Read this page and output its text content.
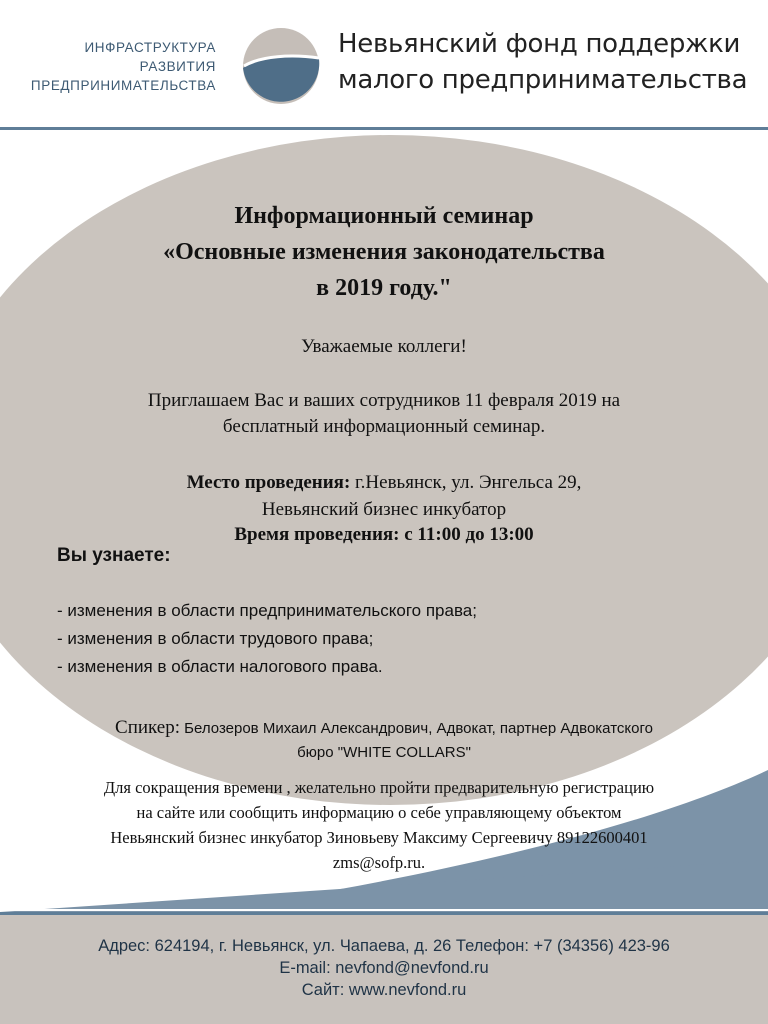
ИНФРАСТРУКТУРА
РАЗВИТИЯ
ПРЕДПРИНИМАТЕЛЬСТВА
Невьянский фонд поддержки
малого предпринимательства
Информационный семинар
«Основные изменения законодательства
в 2019 году."
Уважаемые коллеги!
Приглашаем Вас и ваших сотрудников 11 февраля 2019 на
бесплатный информационный семинар.
Место проведения: г.Невьянск, ул. Энгельса 29,
Невьянский бизнес инкубатор
Время проведения: с 11:00 до 13:00
Вы узнаете:
- изменения в области предпринимательского права;
- изменения в области трудового права;
- изменения в области налогового права.
Спикер: Белозеров Михаил Александрович, Адвокат, партнер Адвокатского
бюро "WHITE COLLARS"
Для сокращения времени , желательно пройти предварительную регистрацию
на сайте или сообщить информацию о себе управляющему объектом
Невьянский бизнес инкубатор Зиновьеву Максиму Сергеевичу 89122600401
zms@sofp.ru.
Адрес: 624194, г. Невьянск, ул. Чапаева, д. 26 Телефон: +7 (34356) 423-96
E-mail: nevfond@nevfond.ru
Сайт: www.nevfond.ru
